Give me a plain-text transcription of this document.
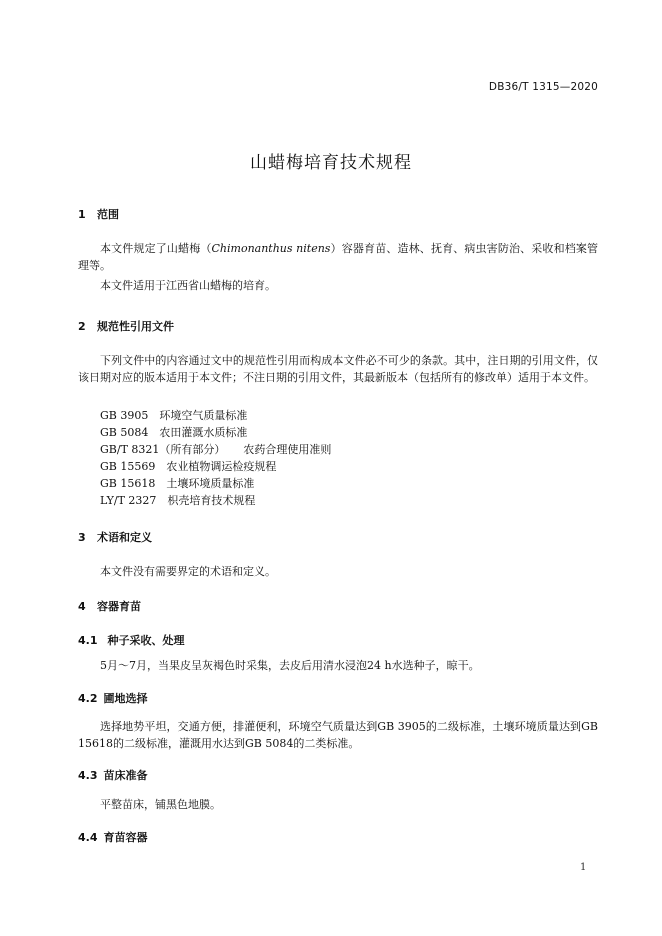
DB36/T 1315—2020
山蜡梅培育技术规程
1 范围
本文件规定了山蜡梅（Chimonanthus nitens）容器育苗、造林、抚育、病虫害防治、采收和档案管理等。
本文件适用于江西省山蜡梅的培育。
2 规范性引用文件
下列文件中的内容通过文中的规范性引用而构成本文件必不可少的条款。其中，注日期的引用文件，仅该日期对应的版本适用于本文件；不注日期的引用文件，其最新版本（包括所有的修改单）适用于本文件。
GB 3905 环境空气质量标准
GB 5084 农田灌溉水质标准
GB/T 8321（所有部分） 农药合理使用准则
GB 15569 农业植物调运检疫规程
GB 15618 土壤环境质量标准
LY/T 2327 枳壳培育技术规程
3 术语和定义
本文件没有需要界定的术语和定义。
4 容器育苗
4.1 种子采收、处理
5月～7月，当果皮呈灰褐色时采集，去皮后用清水浸泡24 h水选种子，晾干。
4.2 圃地选择
选择地势平坦，交通方便，排灌便利，环境空气质量达到GB 3905的二级标准，土壤环境质量达到GB 15618的二级标准，灌溉用水达到GB 5084的二类标准。
4.3 苗床准备
平整苗床，铺黑色地膜。
4.4 育苗容器
1
